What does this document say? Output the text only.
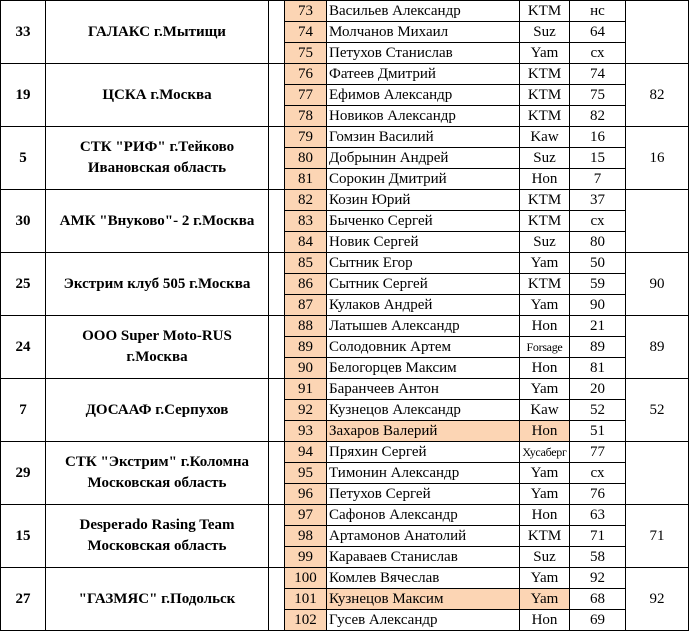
33	ГАЛАКС г.Мытищи		73	Васильев Александр	KTM	нс	
			74	Молчанов Михаил	Suz	64	
			75	Петухов Станислав	Yam	сх	
19	ЦСКА г.Москва		76	Фатеев Дмитрий	KTM	74	82
			77	Ефимов Александр	KTM	75	
			78	Новиков Александр	KTM	82	
5	СТК "РИФ" г.Тейково
Ивановская область		79	Гомзин Василий	Kaw	16	16
			80	Добрынин Андрей	Suz	15	
			81	Сорокин Дмитрий	Hon	7	
30	АМК "Внуково"- 2 г.Москва		82	Козин Юрий	KTM	37	
			83	Быченко Сергей	KTM	сх	
			84	Новик Сергей	Suz	80	
25	Экстрим клуб 505 г.Москва		85	Сытник Егор	Yam	50	90
			86	Сытник Сергей	KTM	59	
			87	Кулаков Андрей	Yam	90	
24	ООО Super Moto-RUS
г.Москва		88	Латышев Александр	Hon	21	89
			89	Солодовник Артем	Forsage	89	
			90	Белогорцев Максим	Hon	81	
7	ДОСААФ г.Серпухов		91	Баранчеев Антон	Yam	20	52
			92	Кузнецов Александр	Kaw	52	
			93	Захаров Валерий	Hon	51	
29	СТК "Экстрим" г.Коломна
Московская область		94	Пряхин Сергей	Хусаберг	77	
			95	Тимонин Александр	Yam	сх	
			96	Петухов Сергей	Yam	76	
15	Desperado Rasing Team
Московская область		97	Сафонов Александр	Hon	63	71
			98	Артамонов Анатолий	KTM	71	
			99	Караваев Станислав	Suz	58	
27	"ГАЗМЯС" г.Подольск		100	Комлев Вячеслав	Yam	92	92
			101	Кузнецов Максим	Yam	68	
			102	Гусев Александр	Hon	69	
